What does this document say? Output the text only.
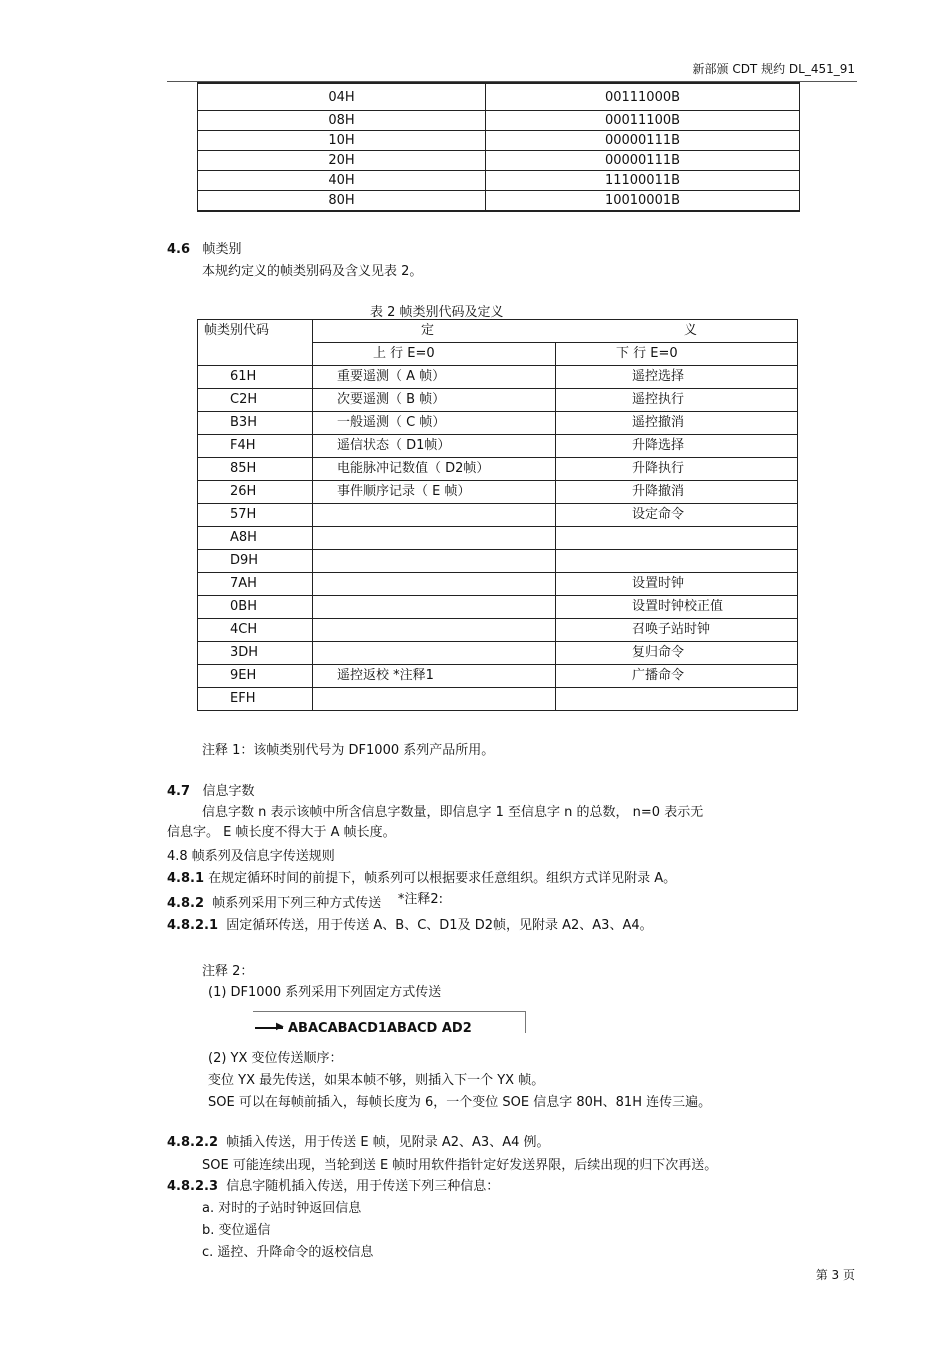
新部颁 CDT 规约 DL_451_91
04H	00111000B
08H	00011100B
10H	00000111B
20H	00000111B
40H	11100011B
80H	10010001B
4.6 帧类别
本规约定义的帧类别码及含义见表 2。
表 2 帧类别代码及定义
帧类别代码	定 义	
	上 行 E=0	下 行 E=0
61H	重要遥测（ A 帧）	遥控选择
C2H	次要遥测（ B 帧）	遥控执行
B3H	一般遥测（ C 帧）	遥控撤消
F4H	遥信状态（ D1帧）	升降选择
85H	电能脉冲记数值（ D2帧）	升降执行
26H	事件顺序记录（ E 帧）	升降撤消
57H		设定命令
A8H		
D9H		
7AH		设置时钟
0BH		设置时钟校正值
4CH		召唤子站时钟
3DH		复归命令
9EH	遥控返校 *注释1	广播命令
EFH		
注释 1：该帧类别代号为 DF1000 系列产品所用。
4.7 信息字数
信息字数 n 表示该帧中所含信息字数量，即信息字 1 至信息字 n 的总数， n=0 表示无
信息字。 E 帧长度不得大于 A 帧长度。
4.8 帧系列及信息字传送规则
4.8.1 在规定循环时间的前提下，帧系列可以根据要求任意组织。组织方式详见附录 A。
4.8.2 帧系列采用下列三种方式传送 *注释2:
4.8.2.1 固定循环传送，用于传送 A、B、C、D1及 D2帧，见附录 A2、A3、A4。
注释 2：
(1) DF1000 系列采用下列固定方式传送
▶ ABACABACD1ABACD AD2
(2) YX 变位传送顺序：
变位 YX 最先传送，如果本帧不够，则插入下一个 YX 帧。
SOE 可以在每帧前插入，每帧长度为 6，一个变位 SOE 信息字 80H、81H 连传三遍。
4.8.2.2 帧插入传送，用于传送 E 帧，见附录 A2、A3、A4 例。
SOE 可能连续出现，当轮到送 E 帧时用软件指针定好发送界限，后续出现的归下次再送。
4.8.2.3 信息字随机插入传送，用于传送下列三种信息：
a. 对时的子站时钟返回信息
b. 变位遥信
c. 遥控、升降命令的返校信息
第 3 页
